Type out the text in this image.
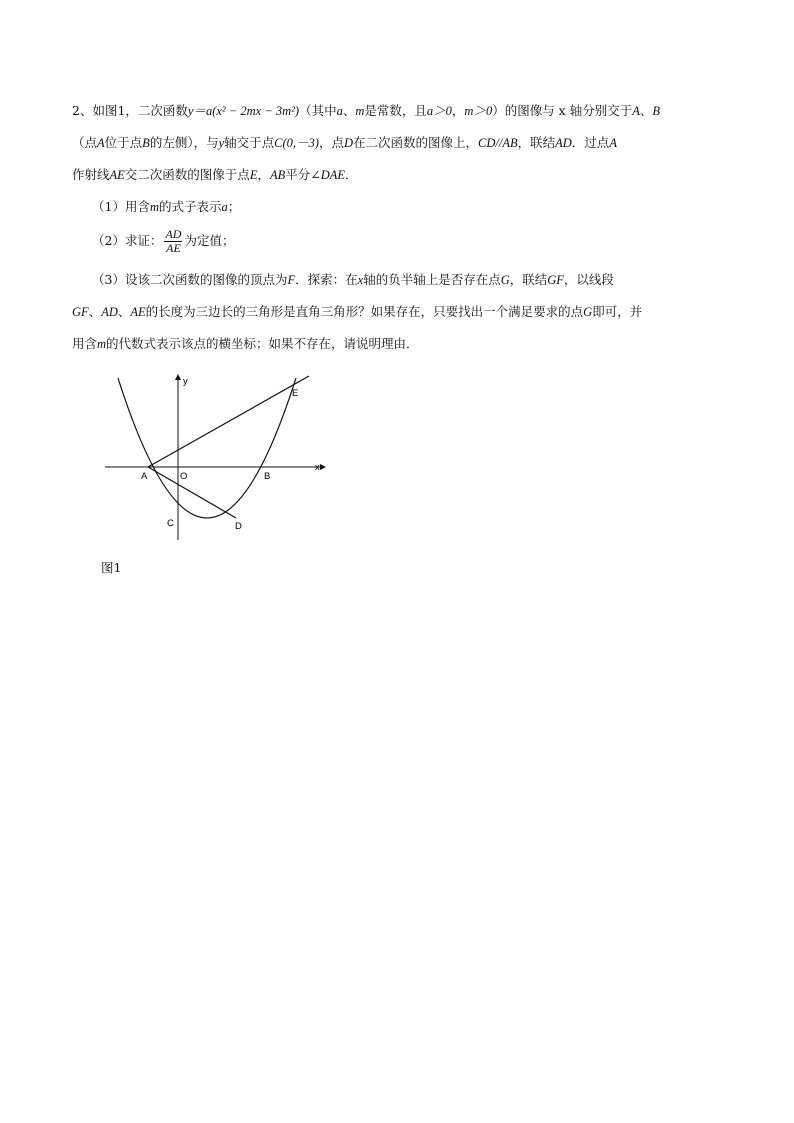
2、如图1，二次函数y＝a(x² − 2mx − 3m²)（其中a、m是常数，且a＞0，m＞0）的图像与 x 轴分别交于A、B
（点A位于点B的左侧），与y轴交于点C(0,－3)，点D在二次函数的图像上，CD//AB，联结AD．过点A
作射线AE交二次函数的图像于点E，AB平分∠DAE．
（1）用含m的式子表示a；
（2）求证： $\frac{AD}{AE}$ 为定值；
（3）设该二次函数的图像的顶点为F．探索：在x轴的负半轴上是否存在点G，联结GF，以线段
GF、AD、AE的长度为三边长的三角形是直角三角形？如果存在，只要找出一个满足要求的点G即可，并
用含m的代数式表示该点的横坐标；如果不存在，请说明理由．
x
y
O
A	B
C	D
E
图1
